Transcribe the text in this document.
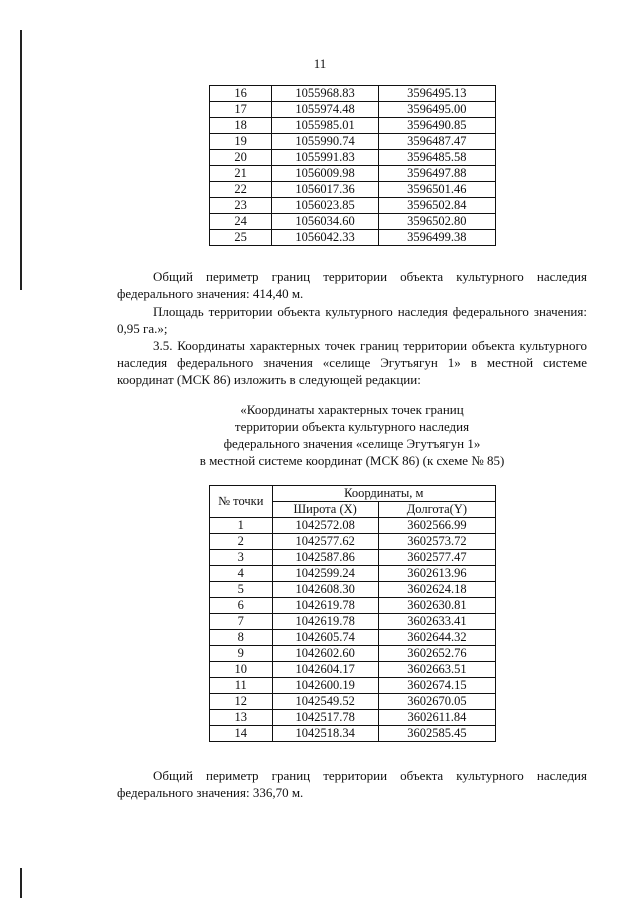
11
16	1055968.83	3596495.13
17	1055974.48	3596495.00
18	1055985.01	3596490.85
19	1055990.74	3596487.47
20	1055991.83	3596485.58
21	1056009.98	3596497.88
22	1056017.36	3596501.46
23	1056023.85	3596502.84
24	1056034.60	3596502.80
25	1056042.33	3596499.38

Общий периметр границ территории объекта культурного наследия федерального значения: 414,40 м.

Площадь территории объекта культурного наследия федерального значения: 0,95 га.»;

3.5. Координаты характерных точек границ территории объекта культурного наследия федерального значения «селище Эгутъягун 1» в местной системе координат (МСК 86) изложить в следующей редакции:

«Координаты характерных точек границ
территории объекта культурного наследия
федерального значения «селище Эгутъягун 1»
в местной системе координат (МСК 86) (к схеме № 85)
№ точки	Координаты, м	
	Широта (X)	Долгота(Y)
1	1042572.08	3602566.99
2	1042577.62	3602573.72
3	1042587.86	3602577.47
4	1042599.24	3602613.96
5	1042608.30	3602624.18
6	1042619.78	3602630.81
7	1042619.78	3602633.41
8	1042605.74	3602644.32
9	1042602.60	3602652.76
10	1042604.17	3602663.51
11	1042600.19	3602674.15
12	1042549.52	3602670.05
13	1042517.78	3602611.84
14	1042518.34	3602585.45

Общий периметр границ территории объекта культурного наследия федерального значения: 336,70 м.
